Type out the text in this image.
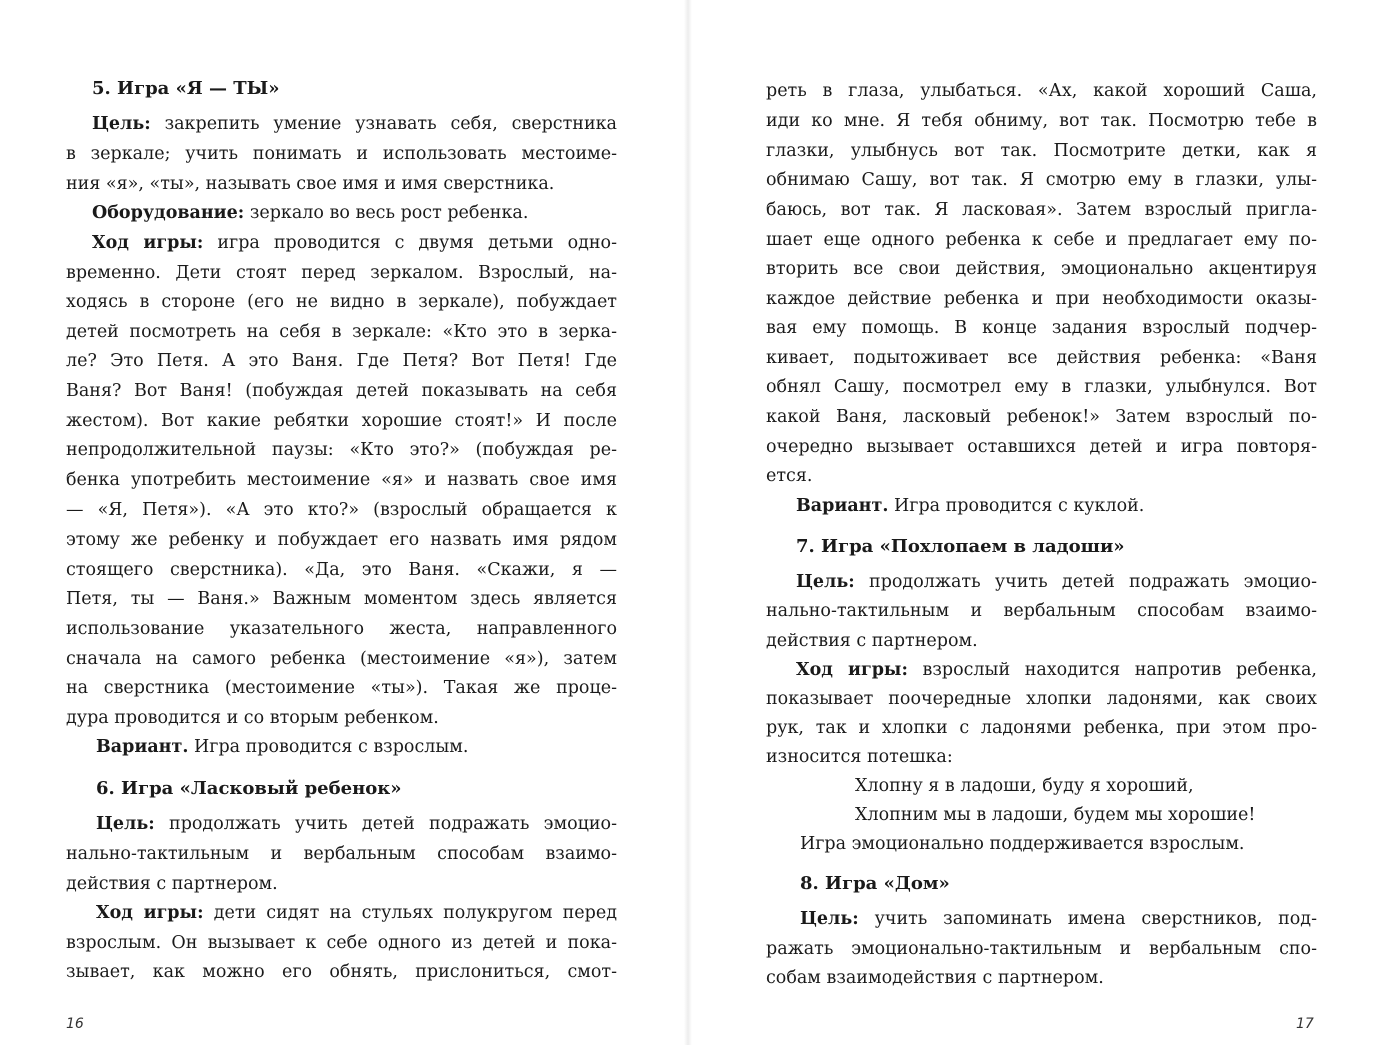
5. Игра «Я — ТЫ»
Цель: закрепить умение узнавать себя, сверстника
в зеркале; учить понимать и использовать местоиме-
ния «я», «ты», называть свое имя и имя сверстника.
Оборудование: зеркало во весь рост ребенка.
Ход игры: игра проводится с двумя детьми одно-
временно. Дети стоят перед зеркалом. Взрослый, на-
ходясь в стороне (его не видно в зеркале), побуждает
детей посмотреть на себя в зеркале: «Кто это в зерка-
ле? Это Петя. А это Ваня. Где Петя? Вот Петя! Где
Ваня? Вот Ваня! (побуждая детей показывать на себя
жестом). Вот какие ребятки хорошие стоят!» И после
непродолжительной паузы: «Кто это?» (побуждая ре-
бенка употребить местоимение «я» и назвать свое имя
— «Я, Петя»). «А это кто?» (взрослый обращается к
этому же ребенку и побуждает его назвать имя рядом
стоящего сверстника). «Да, это Ваня. «Скажи, я —
Петя, ты — Ваня.» Важным моментом здесь является
использование указательного жеста, направленного
сначала на самого ребенка (местоимение «я»), затем
на сверстника (местоимение «ты»). Такая же проце-
дура проводится и со вторым ребенком.
Вариант. Игра проводится с взрослым.
6. Игра «Ласковый ребенок»
Цель: продолжать учить детей подражать эмоцио-
нально-тактильным и вербальным способам взаимо-
действия с партнером.
Ход игры: дети сидят на стульях полукругом перед
взрослым. Он вызывает к себе одного из детей и пока-
зывает, как можно его обнять, прислониться, смот-
16
реть в глаза, улыбаться. «Ах, какой хороший Саша,
иди ко мне. Я тебя обниму, вот так. Посмотрю тебе в
глазки, улыбнусь вот так. Посмотрите детки, как я
обнимаю Сашу, вот так. Я смотрю ему в глазки, улы-
баюсь, вот так. Я ласковая». Затем взрослый пригла-
шает еще одного ребенка к себе и предлагает ему по-
вторить все свои действия, эмоционально акцентируя
каждое действие ребенка и при необходимости оказы-
вая ему помощь. В конце задания взрослый подчер-
кивает, подытоживает все действия ребенка: «Ваня
обнял Сашу, посмотрел ему в глазки, улыбнулся. Вот
какой Ваня, ласковый ребенок!» Затем взрослый по-
очередно вызывает оставшихся детей и игра повторя-
ется.
Вариант. Игра проводится с куклой.
7. Игра «Похлопаем в ладоши»
Цель: продолжать учить детей подражать эмоцио-
нально-тактильным и вербальным способам взаимо-
действия с партнером.
Ход игры: взрослый находится напротив ребенка,
показывает поочередные хлопки ладонями, как своих
рук, так и хлопки с ладонями ребенка, при этом про-
износится потешка:
Хлопну я в ладоши, буду я хороший,
Хлопним мы в ладоши, будем мы хорошие!
Игра эмоционально поддерживается взрослым.
8. Игра «Дом»
Цель: учить запоминать имена сверстников, под-
ражать эмоционально-тактильным и вербальным спо-
собам взаимодействия с партнером.
17
